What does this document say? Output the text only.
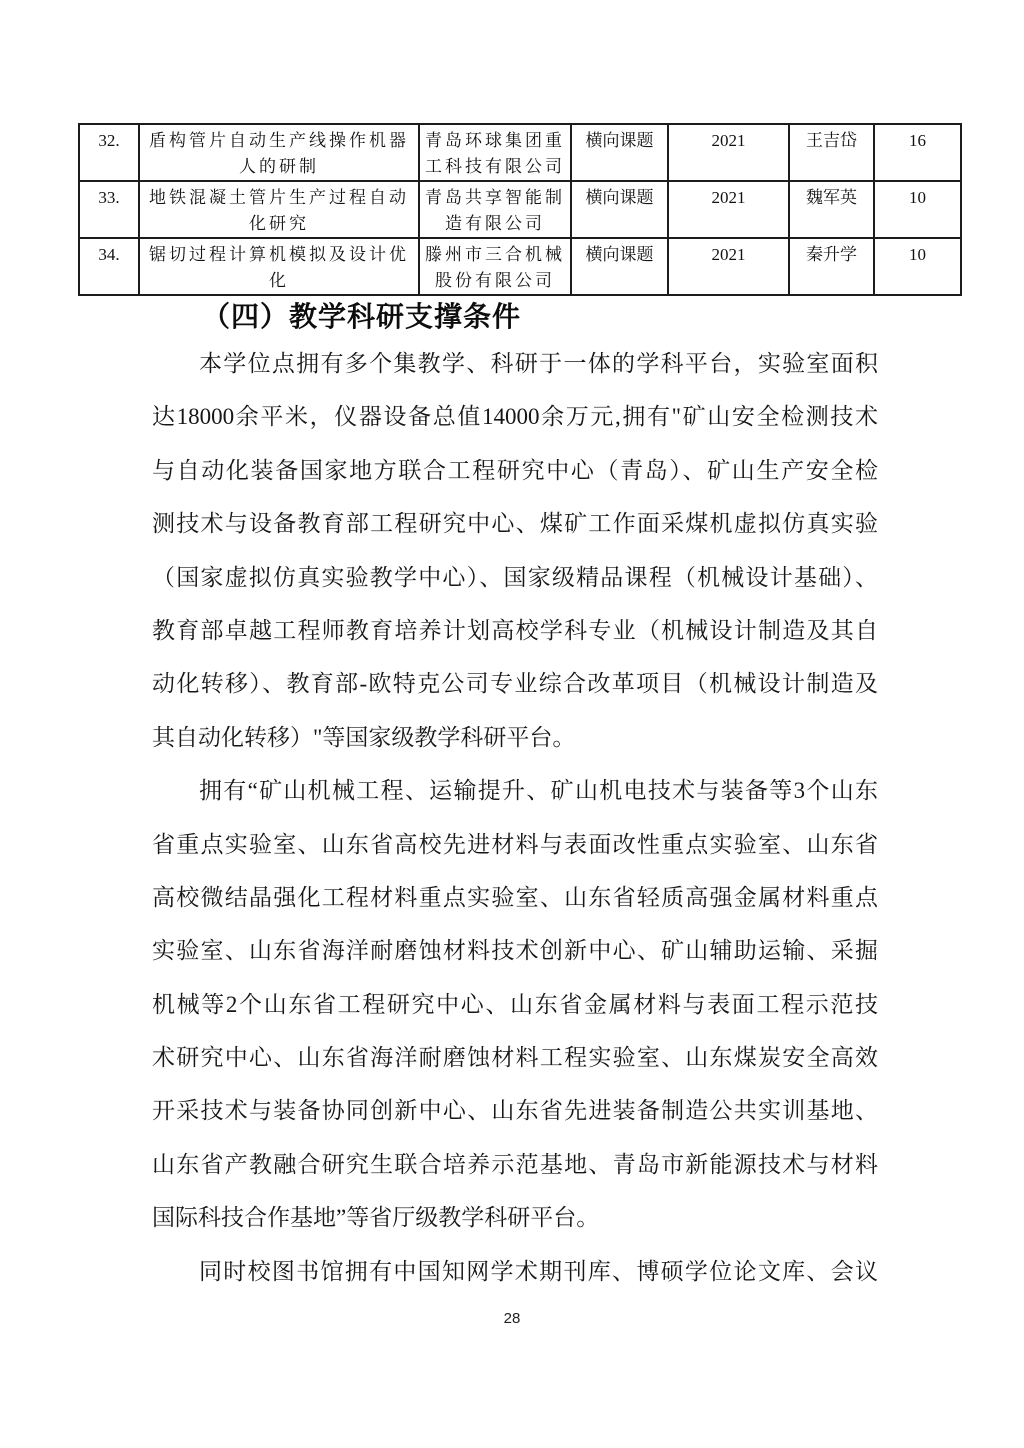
32.	盾构管片自动生产线操作机器人的研制	青岛环球集团重工科技有限公司	横向课题	2021	王吉岱	16
33.	地铁混凝土管片生产过程自动化研究	青岛共享智能制造有限公司	横向课题	2021	魏军英	10
34.	锯切过程计算机模拟及设计优化	滕州市三合机械股份有限公司	横向课题	2021	秦升学	10
（四）教学科研支撑条件
本学位点拥有多个集教学、科研于一体的学科平台，实验室面积
达18000余平米，仪器设备总值14000余万元,拥有"矿山安全检测技术
与自动化装备国家地方联合工程研究中心（青岛）、矿山生产安全检
测技术与设备教育部工程研究中心、煤矿工作面采煤机虚拟仿真实验
（国家虚拟仿真实验教学中心）、国家级精品课程（机械设计基础）、
教育部卓越工程师教育培养计划高校学科专业（机械设计制造及其自
动化转移）、教育部-欧特克公司专业综合改革项目（机械设计制造及
其自动化转移）"等国家级教学科研平台。
拥有“矿山机械工程、运输提升、矿山机电技术与装备等3个山东
省重点实验室、山东省高校先进材料与表面改性重点实验室、山东省
高校微结晶强化工程材料重点实验室、山东省轻质高强金属材料重点
实验室、山东省海洋耐磨蚀材料技术创新中心、矿山辅助运输、采掘
机械等2个山东省工程研究中心、山东省金属材料与表面工程示范技
术研究中心、山东省海洋耐磨蚀材料工程实验室、山东煤炭安全高效
开采技术与装备协同创新中心、山东省先进装备制造公共实训基地、
山东省产教融合研究生联合培养示范基地、青岛市新能源技术与材料
国际科技合作基地”等省厅级教学科研平台。
同时校图书馆拥有中国知网学术期刊库、博硕学位论文库、会议
28
